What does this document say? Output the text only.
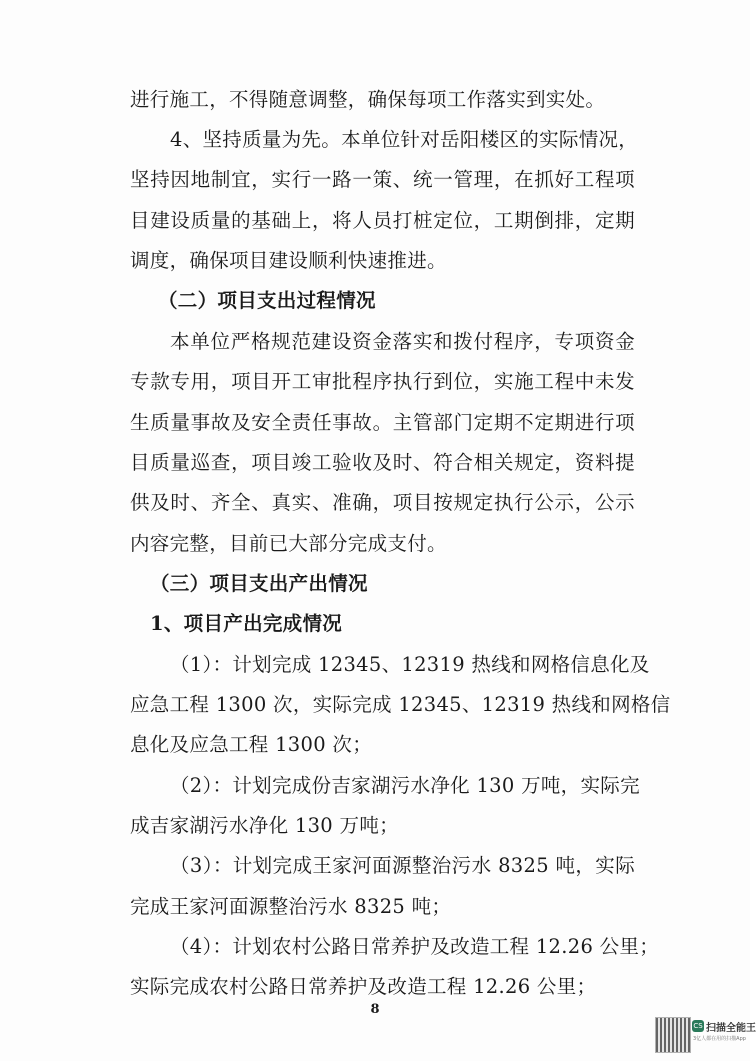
进行施工，不得随意调整，确保每项工作落实到实处。
4、坚持质量为先。本单位针对岳阳楼区的实际情况，
坚持因地制宜，实行一路一策、统一管理，在抓好工程项
目建设质量的基础上，将人员打桩定位，工期倒排，定期
调度，确保项目建设顺利快速推进。
（二）项目支出过程情况
本单位严格规范建设资金落实和拨付程序，专项资金
专款专用，项目开工审批程序执行到位，实施工程中未发
生质量事故及安全责任事故。主管部门定期不定期进行项
目质量巡查，项目竣工验收及时、符合相关规定，资料提
供及时、齐全、真实、准确，项目按规定执行公示，公示
内容完整，目前已大部分完成支付。
（三）项目支出产出情况
1、项目产出完成情况
（1）：计划完成 12345、12319 热线和网格信息化及
应急工程 1300 次，实际完成 12345、12319 热线和网格信
息化及应急工程 1300 次；
（2）：计划完成份吉家湖污水净化 130 万吨，实际完
成吉家湖污水净化 130 万吨；
（3）：计划完成王家河面源整治污水 8325 吨，实际
完成王家河面源整治污水 8325 吨；
（4）：计划农村公路日常养护及改造工程 12.26 公里；
实际完成农村公路日常养护及改造工程 12.26 公里；
8
CS 扫描全能王
3亿人都在用的扫描App
